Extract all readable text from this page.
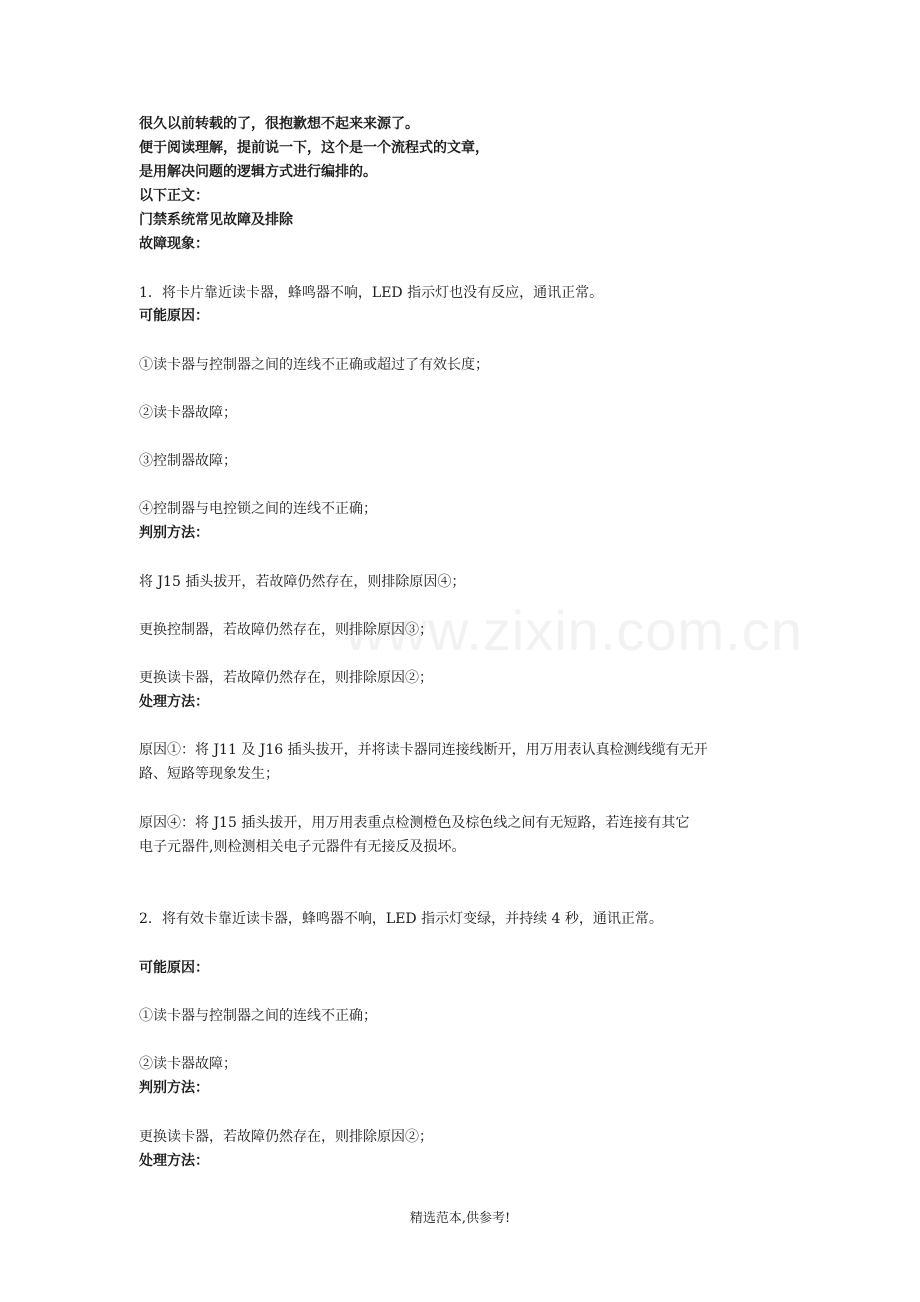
www.zixin.com.cn
很久以前转载的了，很抱歉想不起来来源了。
便于阅读理解，提前说一下，这个是一个流程式的文章，
是用解决问题的逻辑方式进行编排的。
以下正文：
门禁系统常见故障及排除
故障现象：
1．将卡片靠近读卡器，蜂鸣器不响，LED 指示灯也没有反应，通讯正常。
可能原因：
①读卡器与控制器之间的连线不正确或超过了有效长度；
②读卡器故障；
③控制器故障；
④控制器与电控锁之间的连线不正确；
判别方法：
将 J15 插头拔开，若故障仍然存在，则排除原因④；
更换控制器，若故障仍然存在，则排除原因③；
更换读卡器，若故障仍然存在，则排除原因②；
处理方法：
原因①：将 J11 及 J16 插头拔开，并将读卡器同连接线断开，用万用表认真检测线缆有无开
路、短路等现象发生；
原因④：将 J15 插头拔开，用万用表重点检测橙色及棕色线之间有无短路，若连接有其它
电子元器件,则检测相关电子元器件有无接反及损坏。
2．将有效卡靠近读卡器，蜂鸣器不响，LED 指示灯变绿，并持续 4 秒，通讯正常。
可能原因：
①读卡器与控制器之间的连线不正确；
②读卡器故障；
判别方法：
更换读卡器，若故障仍然存在，则排除原因②；
处理方法：
精选范本,供参考!
